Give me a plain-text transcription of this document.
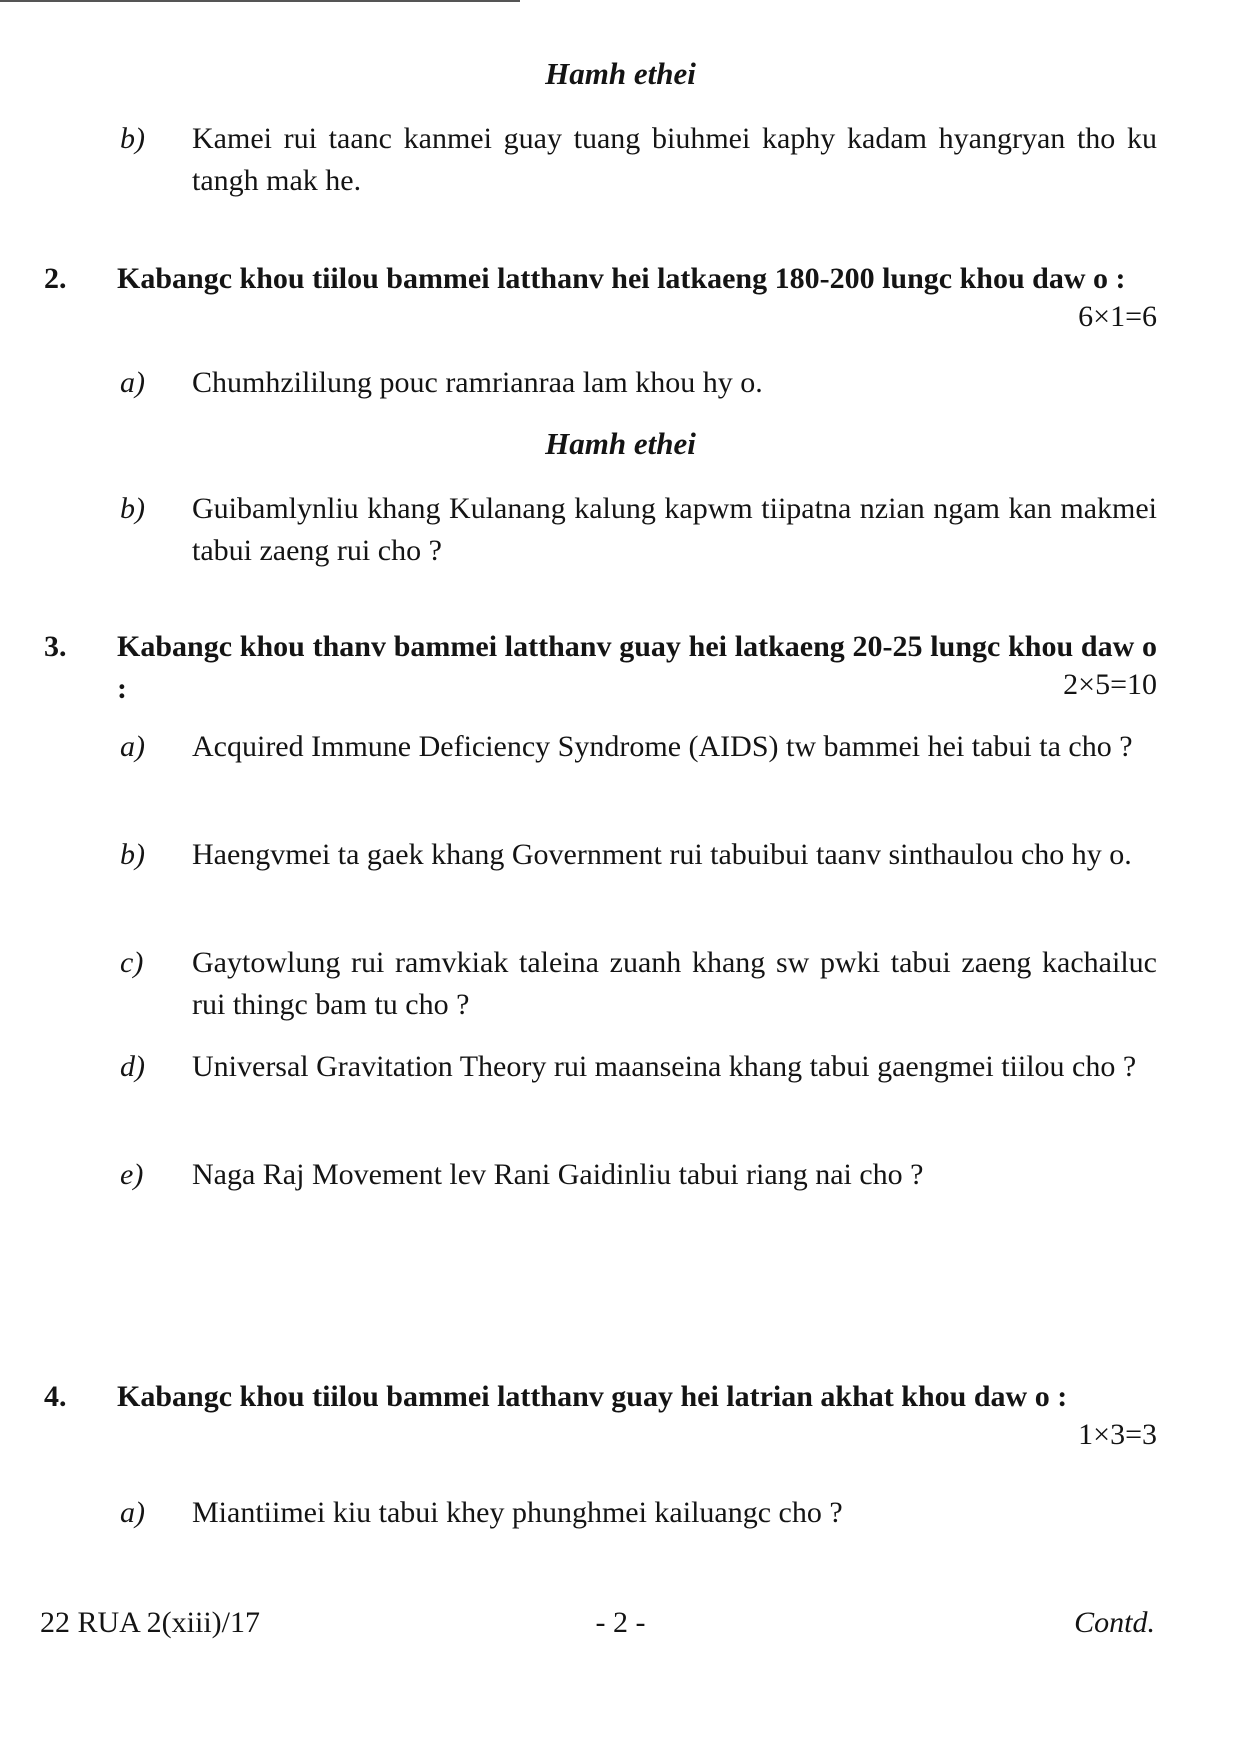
Hamh ethei
b) Kamei rui taanc kanmei guay tuang biuhmei kaphy kadam hyangryan tho ku tangh mak he.
2. Kabangc khou tiilou bammei latthanv hei latkaeng 180-200 lungc khou daw o :
6×1=6
a) Chumhzililung pouc ramrianraa lam khou hy o.
Hamh ethei
b) Guibamlynliu khang Kulanang kalung kapwm tiipatna nzian ngam kan makmei tabui zaeng rui cho ?
3. Kabangc khou thanv bammei latthanv guay hei latkaeng 20-25 lungc khou daw o :	2×5=10
a) Acquired Immune Deficiency Syndrome (AIDS) tw bammei hei tabui ta cho ?
b) Haengvmei ta gaek khang Government rui tabuibui taanv sinthaulou cho hy o.
c) Gaytowlung rui ramvkiak taleina zuanh khang sw pwki tabui zaeng kachailuc rui thingc bam tu cho ?
d) Universal Gravitation Theory rui maanseina khang tabui gaengmei tiilou cho ?
e) Naga Raj Movement lev Rani Gaidinliu tabui riang nai cho ?
4. Kabangc khou tiilou bammei latthanv guay hei latrian akhat khou daw o :
1×3=3
a) Miantiimei kiu tabui khey phunghmei kailuangc cho ?
22 RUA 2(xiii)/17	- 2 -	Contd.
